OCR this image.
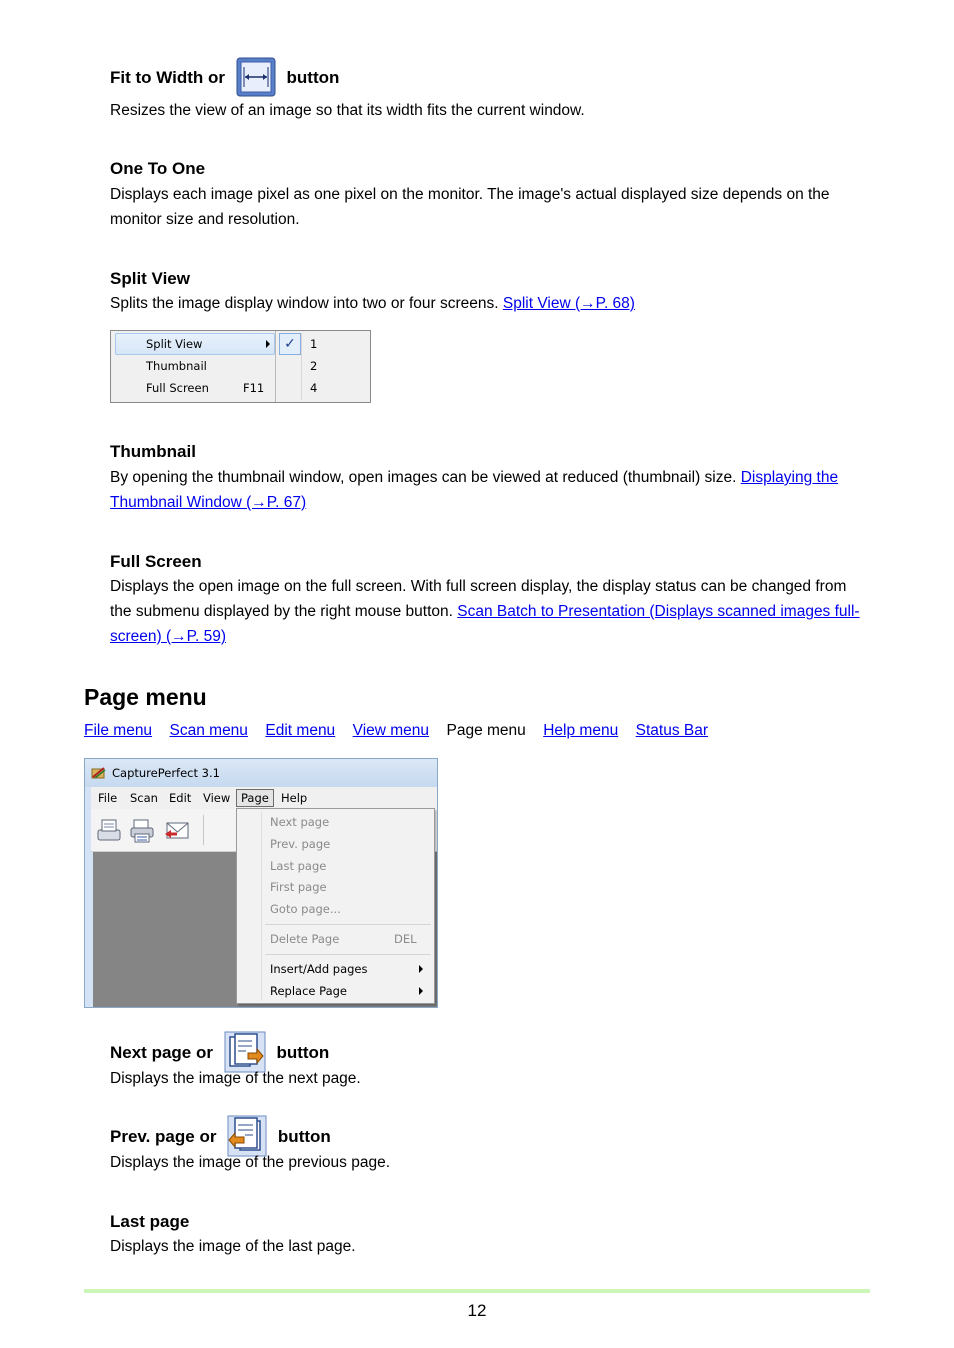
Fit to Width or	button
Resizes the view of an image so that its width fits the current window.
One To One
Displays each image pixel as one pixel on the monitor. The image's actual displayed size depends on the monitor size and resolution.
Split View
Splits the image display window into two or four screens. Split View (→P. 68)
Split View
Thumbnail
Full Screen	F11
✓	1
2
4
Thumbnail
By opening the thumbnail window, open images can be viewed at reduced (thumbnail) size. Displaying the Thumbnail Window (→P. 67)
Full Screen
Displays the open image on the full screen. With full screen display, the display status can be changed from the submenu displayed by the right mouse button. Scan Batch to Presentation (Displays scanned images full-screen) (→P. 59)
Page menu
File menu Scan menu Edit menu View menu Page menu Help menu Status Bar
CapturePerfect 3.1
File Scan Edit View Page	Help
Next page
Prev. page
Last page
First page
Goto page...
Delete Page	DEL
Insert/Add pages
Replace Page
Next page or	button
Displays the image of the next page.
Prev. page or	button
Displays the image of the previous page.
Last page
Displays the image of the last page.
12
